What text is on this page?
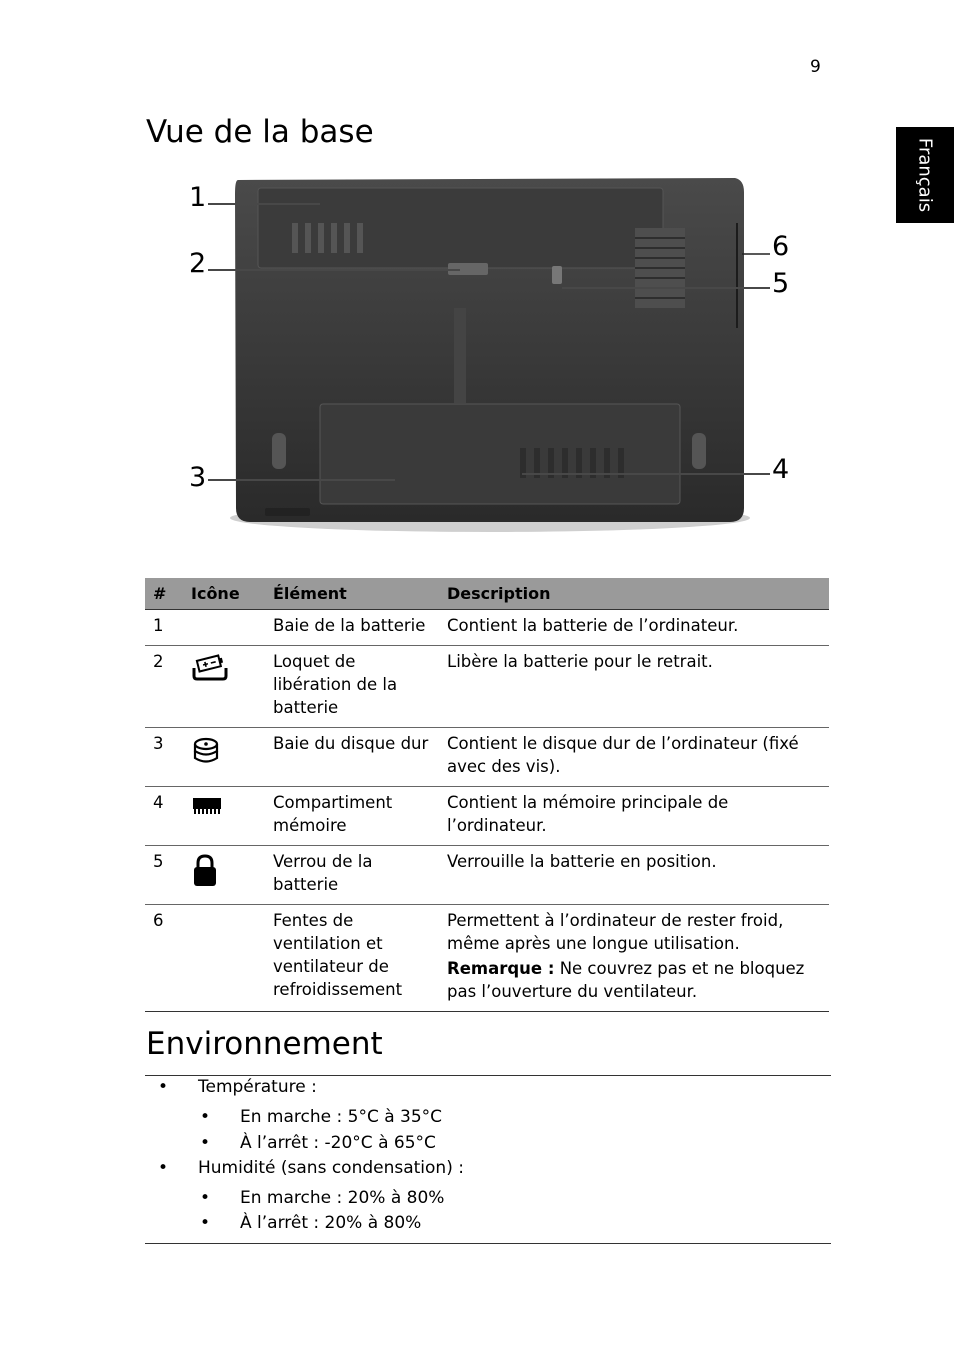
9
Français
Vue de la base
1
2
3	4
5
6
#	Icône	Élément	Description
1		Baie de la batterie	Contient la batterie de l’ordinateur.
2		Loquet de libération de la batterie	Libère la batterie pour le retrait.
3		Baie du disque dur	Contient le disque dur de l’ordinateur (fixé avec des vis).
4		Compartiment mémoire	Contient la mémoire principale de l’ordinateur.
5		Verrou de la batterie	Verrouille la batterie en position.
6		Fentes de ventilation et ventilateur de refroidissement	Permettent à l’ordinateur de rester froid, même après une longue utilisation.
Remarque : Ne couvrez pas et ne bloquez pas l’ouverture du ventilateur.
Environnement
• Température :
• En marche : 5°C à 35°C
• À l’arrêt : -20°C à 65°C
• Humidité (sans condensation) :
• En marche : 20% à 80%
• À l’arrêt : 20% à 80%
